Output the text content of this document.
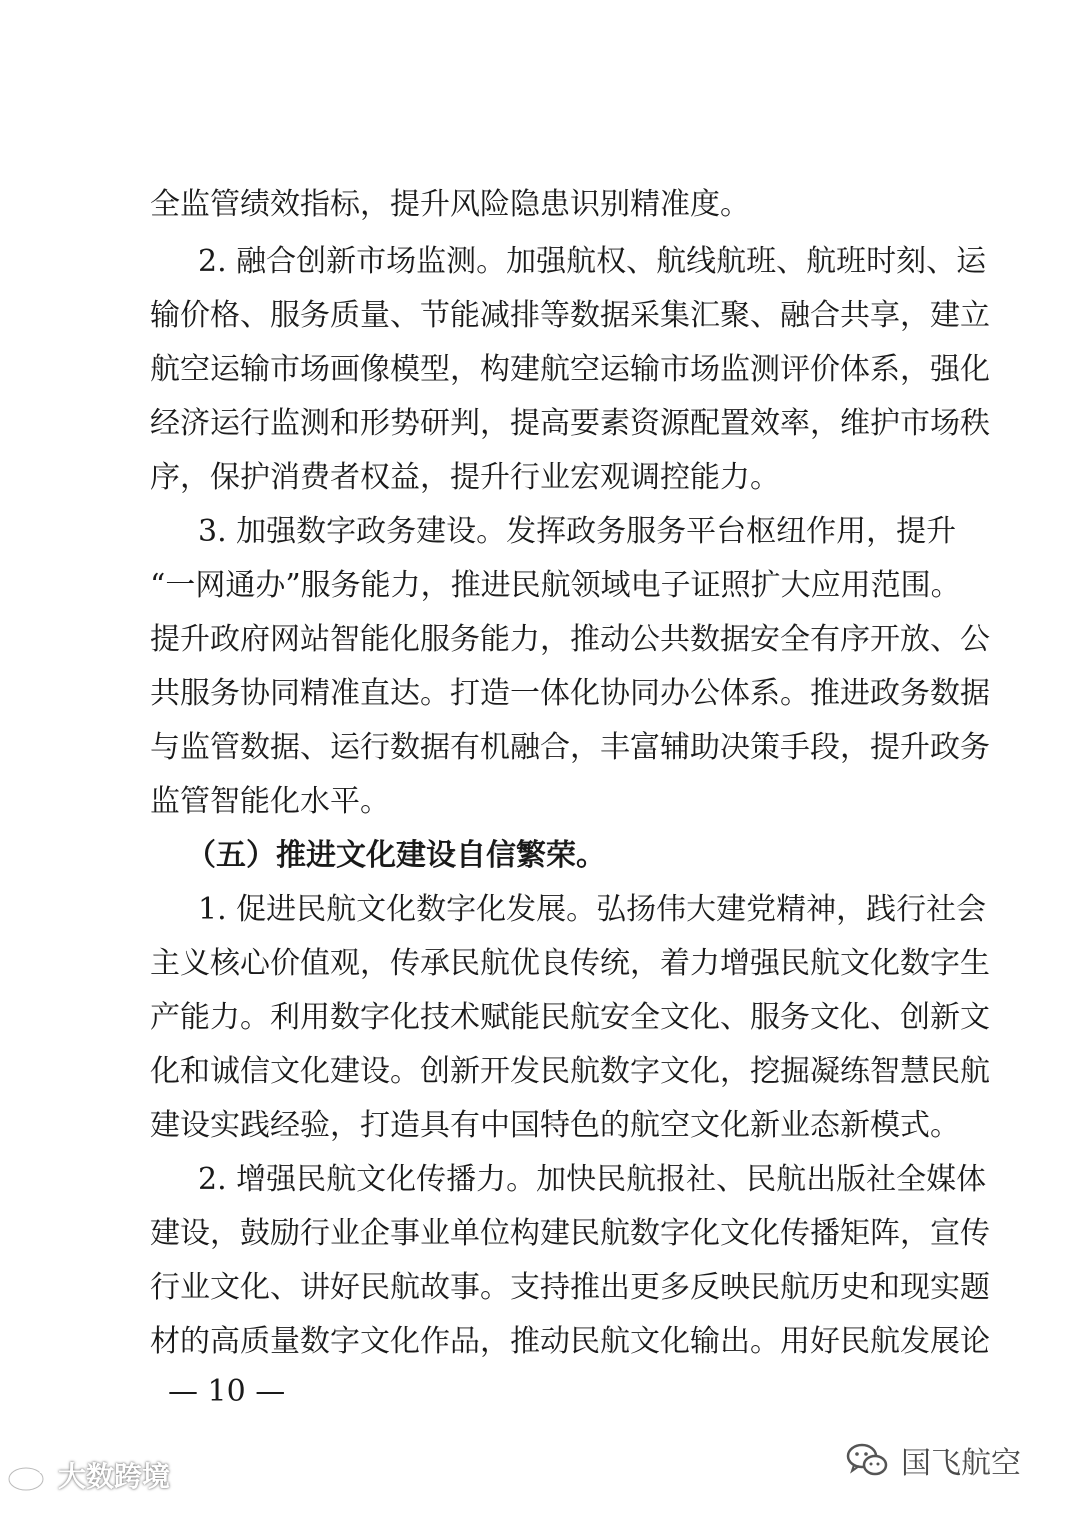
全监管绩效指标，提升风险隐患识别精准度。
2. 融合创新市场监测。加强航权、航线航班、航班时刻、运
输价格、服务质量、节能减排等数据采集汇聚、融合共享，建立
航空运输市场画像模型，构建航空运输市场监测评价体系，强化
经济运行监测和形势研判，提高要素资源配置效率，维护市场秩
序，保护消费者权益，提升行业宏观调控能力。
3. 加强数字政务建设。发挥政务服务平台枢纽作用，提升
“一网通办”服务能力，推进民航领域电子证照扩大应用范围。
提升政府网站智能化服务能力，推动公共数据安全有序开放、公
共服务协同精准直达。打造一体化协同办公体系。推进政务数据
与监管数据、运行数据有机融合，丰富辅助决策手段，提升政务
监管智能化水平。
（五）推进文化建设自信繁荣。
1. 促进民航文化数字化发展。弘扬伟大建党精神，践行社会
主义核心价值观，传承民航优良传统，着力增强民航文化数字生
产能力。利用数字化技术赋能民航安全文化、服务文化、创新文
化和诚信文化建设。创新开发民航数字文化，挖掘凝练智慧民航
建设实践经验，打造具有中国特色的航空文化新业态新模式。
2. 增强民航文化传播力。加快民航报社、民航出版社全媒体
建设，鼓励行业企事业单位构建民航数字化文化传播矩阵，宣传
行业文化、讲好民航故事。支持推出更多反映民航历史和现实题
材的高质量数字文化作品，推动民航文化输出。用好民航发展论
— 10 —
大数跨境	国飞航空
